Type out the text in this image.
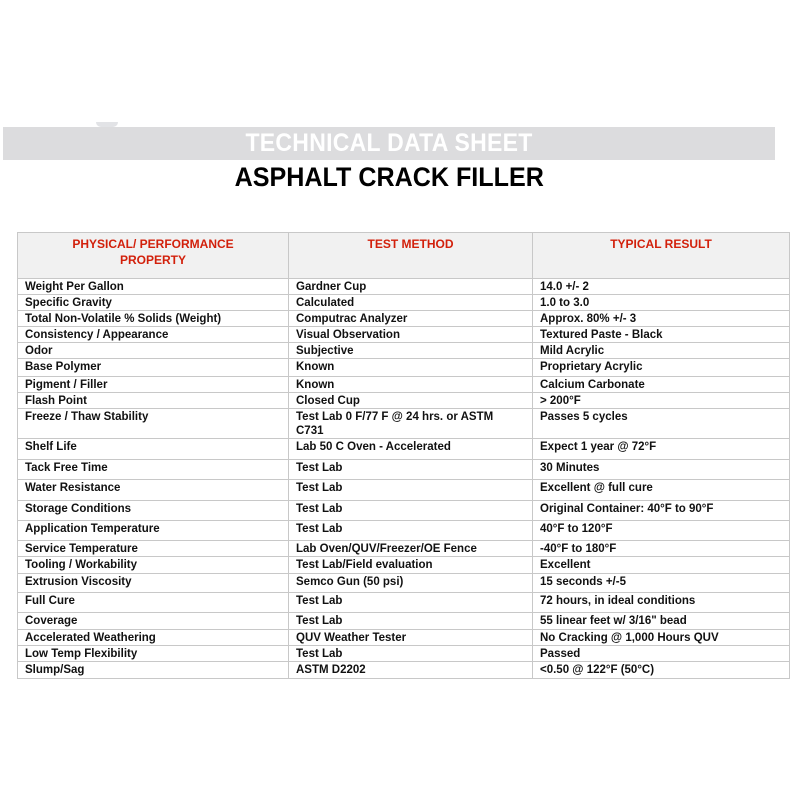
TECHNICAL DATA SHEET
ASPHALT CRACK FILLER
PHYSICAL/ PERFORMANCE PROPERTY	TEST METHOD	TYPICAL RESULT
Weight Per Gallon	Gardner Cup	14.0 +/- 2
Specific Gravity	Calculated	1.0 to 3.0
Total Non-Volatile % Solids (Weight)	Computrac Analyzer	Approx. 80% +/- 3
Consistency / Appearance	Visual Observation	Textured Paste - Black
Odor	Subjective	Mild Acrylic
Base Polymer	Known	Proprietary Acrylic
Pigment / Filler	Known	Calcium Carbonate
Flash Point	Closed Cup	> 200°F
Freeze / Thaw Stability	Test Lab 0 F/77 F @ 24 hrs. or ASTM C731	Passes 5 cycles
Shelf Life	Lab 50 C Oven - Accelerated	Expect 1 year @ 72°F
Tack Free Time	Test Lab	30 Minutes
Water Resistance	Test Lab	Excellent @ full cure
Storage Conditions	Test Lab	Original Container: 40°F to 90°F
Application Temperature	Test Lab	40°F to 120°F
Service Temperature	Lab Oven/QUV/Freezer/OE Fence	-40°F to 180°F
Tooling / Workability	Test Lab/Field evaluation	Excellent
Extrusion Viscosity	Semco Gun (50 psi)	15 seconds +/-5
Full Cure	Test Lab	72 hours, in ideal conditions
Coverage	Test Lab	55 linear feet w/ 3/16" bead
Accelerated Weathering	QUV Weather Tester	No Cracking @ 1,000 Hours QUV
Low Temp Flexibility	Test Lab	Passed
Slump/Sag	ASTM D2202	<0.50 @ 122°F (50°C)
